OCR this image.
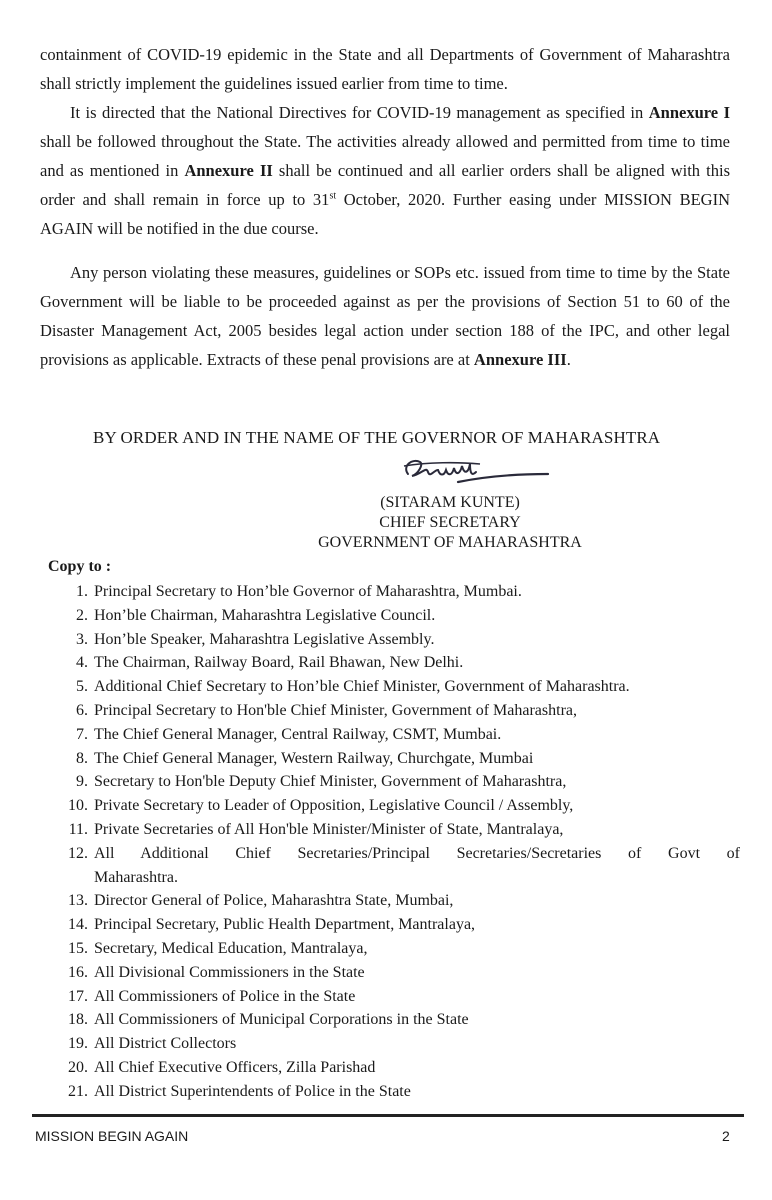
containment of COVID-19 epidemic in the State and all Departments of Government of Maharashtra shall strictly implement the guidelines issued earlier from time to time.

It is directed that the National Directives for COVID-19 management as specified in Annexure I shall be followed throughout the State. The activities already allowed and permitted from time to time and as mentioned in Annexure II shall be continued and all earlier orders shall be aligned with this order and shall remain in force up to 31st October, 2020. Further easing under MISSION BEGIN AGAIN will be notified in the due course.

Any person violating these measures, guidelines or SOPs etc. issued from time to time by the State Government will be liable to be proceeded against as per the provisions of Section 51 to 60 of the Disaster Management Act, 2005 besides legal action under section 188 of the IPC, and other legal provisions as applicable. Extracts of these penal provisions are at Annexure III.

BY ORDER AND IN THE NAME OF THE GOVERNOR OF MAHARASHTRA
(SITARAM KUNTE)
CHIEF SECRETARY
GOVERNMENT OF MAHARASHTRA
Copy to :
1. Principal Secretary to Hon’ble Governor of Maharashtra, Mumbai.
2. Hon’ble Chairman, Maharashtra Legislative Council.
3. Hon’ble Speaker, Maharashtra Legislative Assembly.
4. The Chairman, Railway Board, Rail Bhawan, New Delhi.
5. Additional Chief Secretary to Hon’ble Chief Minister, Government of Maharashtra.
6. Principal Secretary to Hon'ble Chief Minister, Government of Maharashtra,
7. The Chief General Manager, Central Railway, CSMT, Mumbai.
8. The Chief General Manager, Western Railway, Churchgate, Mumbai
9. Secretary to Hon'ble Deputy Chief Minister, Government of Maharashtra,
10. Private Secretary to Leader of Opposition, Legislative Council / Assembly,
11. Private Secretaries of All Hon'ble Minister/Minister of State, Mantralaya,
12. All Additional Chief Secretaries/Principal Secretaries/Secretaries of Govt of Maharashtra.
13. Director General of Police, Maharashtra State, Mumbai,
14. Principal Secretary, Public Health Department, Mantralaya,
15. Secretary, Medical Education, Mantralaya,
16. All Divisional Commissioners in the State
17. All Commissioners of Police in the State
18. All Commissioners of Municipal Corporations in the State
19. All District Collectors
20. All Chief Executive Officers, Zilla Parishad
21. All District Superintendents of Police in the State
MISSION BEGIN AGAIN	2
